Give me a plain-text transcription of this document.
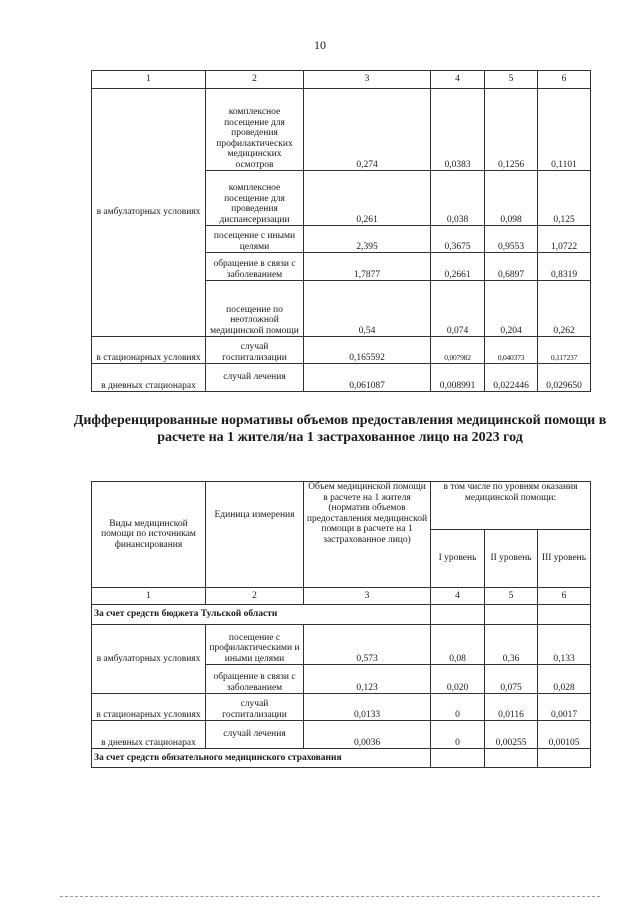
10
1	2	3	4	5	6
в амбулаторных условиях	комплексное посещение для проведения профилактических медицинских осмотров	0,274	0,0383	0,1256	0,1101
	комплексное посещение для проведения диспансеризации	0,261	0,038	0,098	0,125
	посещение с иными целями	2,395	0,3675	0,9553	1,0722
	обращение в связи с заболеванием	1,7877	0,2661	0,6897	0,8319
	посещение по неотложной медицинской помощи	0,54	0,074	0,204	0,262
в стационарных условиях	случай госпитализации	0,165592	0,007982	0,040373	0,117237
в дневных стационарах	случай лечения	0,061087	0,008991	0,022446	0,029650
Дифференцированные нормативы объемов предоставления медицинской помощи в расчете на 1 жителя/на 1 застрахованное лицо на 2023 год
Виды медицинской помощи по источникам финансирования	Единица измерения	Объем медицинской помощи в расчете на 1 жителя (норматив объемов предоставления медицинской помощи в расчете на 1 застрахованное лицо)	в том числе по уровням оказания медицинской помощи:		
			I уровень	II уровень	III уровень
1	2	3	4	5	6
За счет средств бюджета Тульской области					
в амбулаторных условиях	посещение с профилактическими и иными целями	0,573	0,08	0,36	0,133
	обращение в связи с заболеванием	0,123	0,020	0,075	0,028
в стационарных условиях	случай госпитализации	0,0133	0	0,0116	0,0017
в дневных стационарах	случай лечения	0,0036	0	0,00255	0,00105
За счет средств обязательного медицинского страхования					
